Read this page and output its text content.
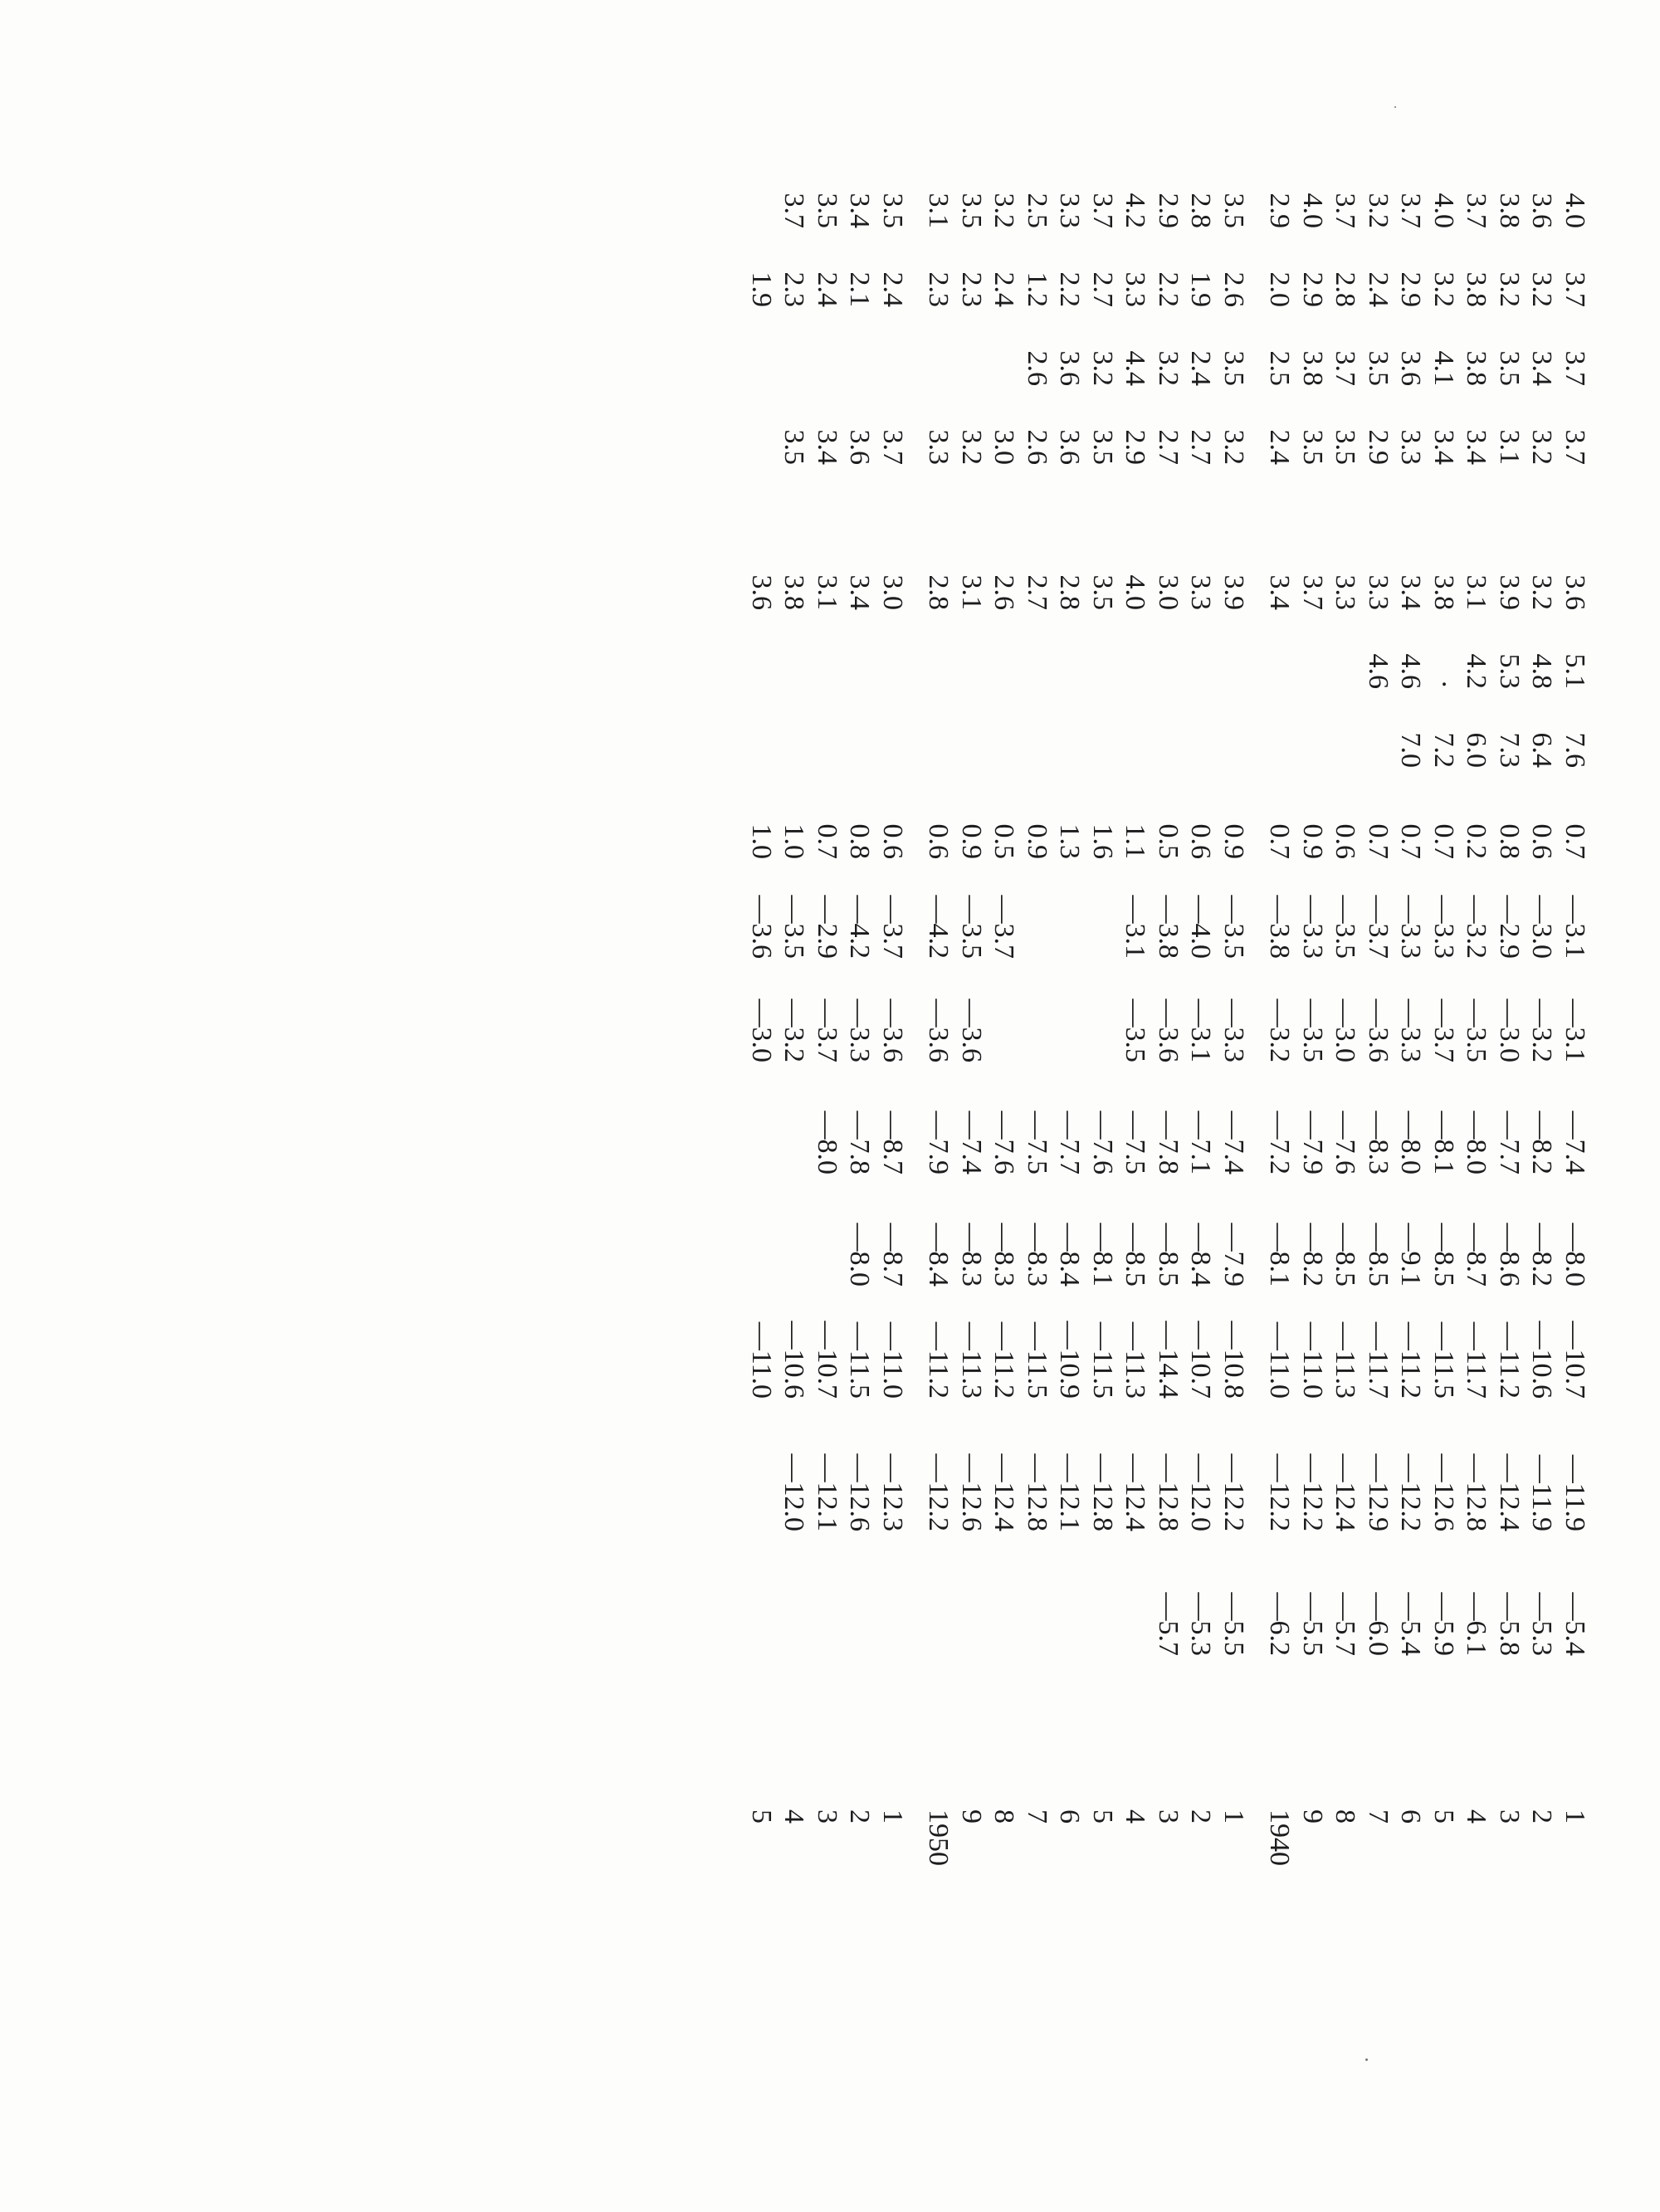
4.0
3.7
3.7
3.7
3.6
5.1
7.6
0.7
—3.1
—3.1
—7.4
—8.0
—10.7
—11.9
—5.4
1
3.6
3.2
3.4
3.2
3.2
4.8
6.4
0.6
—3.0
—3.2
—8.2
—8.2
—10.6
—11.9
—5.3
2
3.8
3.2
3.5
3.1
3.9
5.3
7.3
0.8
—2.9
—3.0
—7.7
—8.6
—11.2
—12.4
—5.8
3
3.7
3.8
3.8
3.4
3.1
4.2
6.0
0.2
—3.2
—3.5
—8.0
—8.7
—11.7
—12.8
—6.1
4
4.0
3.2
4.1
3.4
3.8
·
7.2
0.7
—3.3
—3.7
—8.1
—8.5
—11.5
—12.6
—5.9
5
3.7
2.9
3.6
3.3
3.4
4.6
7.0
0.7
—3.3
—3.3
—8.0
—9.1
—11.2
—12.2
—5.4
6
3.2
2.4
3.5
2.9
3.3
4.6
0.7
—3.7
—3.6
—8.3
—8.5
—11.7
—12.9
—6.0
7
3.7
2.8
3.7
3.5
3.3
0.6
—3.5
—3.0
—7.6
—8.5
—11.3
—12.4
—5.7
8
4.0
2.9
3.8
3.5
3.7
0.9
—3.3
—3.5
—7.9
—8.2
—11.0
—12.2
—5.5
9
2.9
2.0
2.5
2.4
3.4
0.7
—3.8
—3.2
—7.2
—8.1
—11.0
—12.2
—6.2
1940
3.5
2.6
3.5
3.2
3.9
0.9
—3.5
—3.3
—7.4
—7.9
—10.8
—12.2
—5.5
1
2.8
1.9
2.4
2.7
3.3
0.6
—4.0
—3.1
—7.1
—8.4
—10.7
—12.0
—5.3
2
2.9
2.2
3.2
2.7
3.0
0.5
—3.8
—3.6
—7.8
—8.5
—14.4
—12.8
—5.7
3
4.2
3.3
4.4
2.9
4.0
1.1
—3.1
—3.5
—7.5
—8.5
—11.3
—12.4
4
3.7
2.7
3.2
3.5
3.5
1.6
—7.6
—8.1
—11.5
—12.8
5
3.3
2.2
3.6
3.6
2.8
1.3
—7.7
—8.4
—10.9
—12.1
6
2.5
1.2
2.6
2.6
2.7
0.9
—7.5
—8.3
—11.5
—12.8
7
3.2
2.4
3.0
2.6
0.5
—3.7
—7.6
—8.3
—11.2
—12.4
8
3.5
2.3
3.2
3.1
0.9
—3.5
—3.6
—7.4
—8.3
—11.3
—12.6
9
3.1
2.3
3.3
2.8
0.6
—4.2
—3.6
—7.9
—8.4
—11.2
—12.2
1950
3.5
2.4
3.7
3.0
0.6
—3.7
—3.6
—8.7
—8.7
—11.0
—12.3
1
3.4
2.1
3.6
3.4
0.8
—4.2
—3.3
—7.8
—8.0
—11.5
—12.6
2
3.5
2.4
3.4
3.1
0.7
—2.9
—3.7
—8.0
—10.7
—12.1
3
3.7
2.3
3.5
3.8
1.0
—3.5
—3.2
—10.6
—12.0
4
1.9
3.6
1.0
—3.6
—3.0
—11.0
5
